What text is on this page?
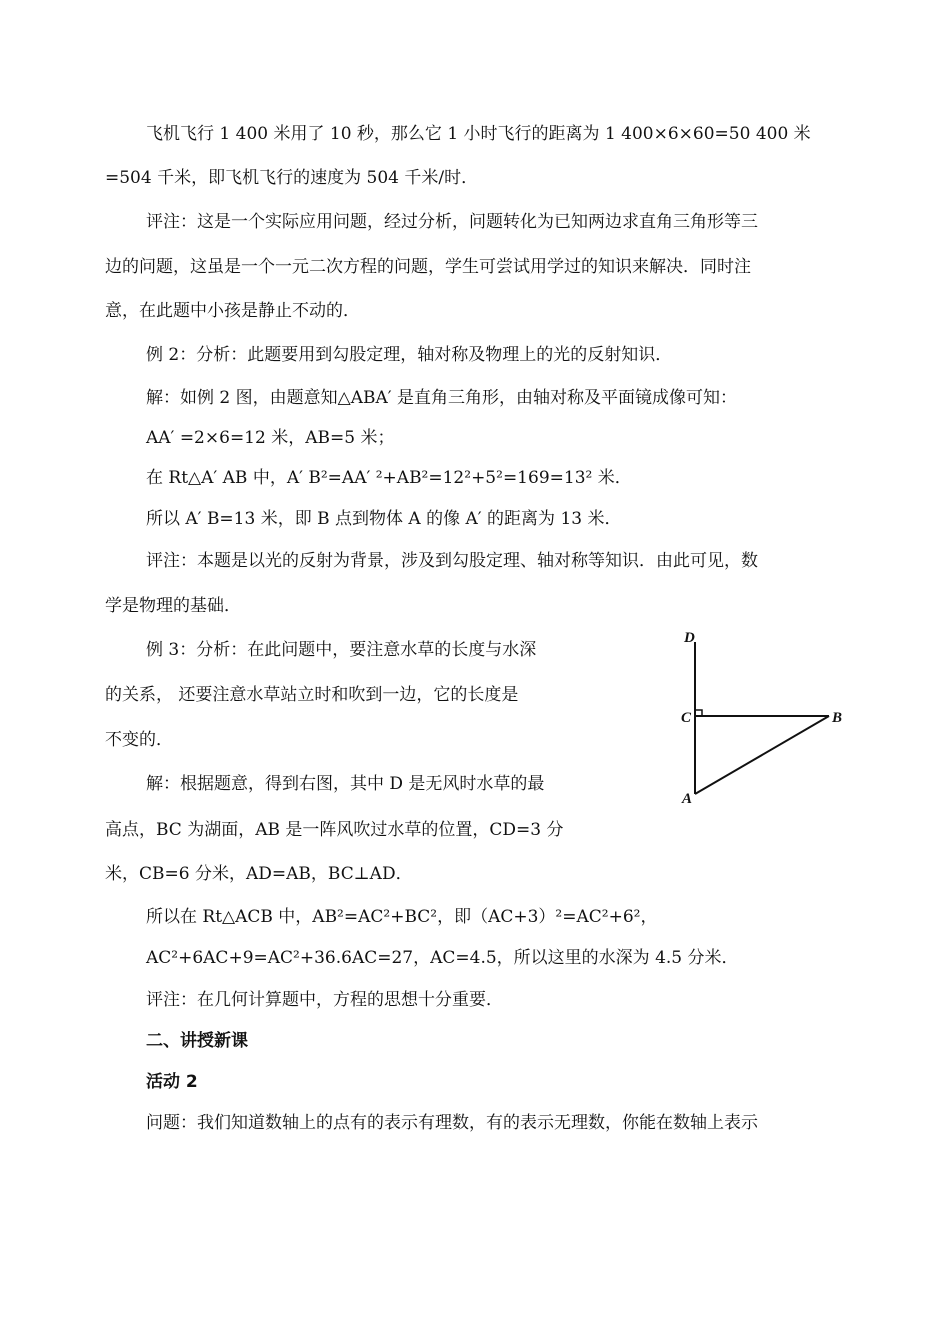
飞机飞行 1 400 米用了 10 秒，那么它 1 小时飞行的距离为 1 400×6×60=50 400 米
=504 千米，即飞机飞行的速度为 504 千米/时．
评注：这是一个实际应用问题，经过分析，问题转化为已知两边求直角三角形等三
边的问题，这虽是一个一元二次方程的问题，学生可尝试用学过的知识来解决．同时注
意，在此题中小孩是静止不动的．
例 2：分析：此题要用到勾股定理，轴对称及物理上的光的反射知识．
解：如例 2 图，由题意知△ABA′ 是直角三角形，由轴对称及平面镜成像可知：
AA′ =2×6=12 米，AB=5 米；
在 Rt△A′ AB 中，A′ B²=AA′ ²+AB²=12²+5²=169=13² 米．
所以 A′ B=13 米，即 B 点到物体 A 的像 A′ 的距离为 13 米．
评注：本题是以光的反射为背景，涉及到勾股定理、轴对称等知识．由此可见，数
学是物理的基础．
例 3：分析：在此问题中，要注意水草的长度与水深
的关系， 还要注意水草站立时和吹到一边，它的长度是
不变的．
解：根据题意，得到右图，其中 D 是无风时水草的最
高点，BC 为湖面，AB 是一阵风吹过水草的位置，CD=3 分
米，CB=6 分米，AD=AB，BC⊥AD．
所以在 Rt△ACB 中，AB²=AC²+BC²，即（AC+3）²=AC²+6²，
AC²+6AC+9=AC²+36.6AC=27，AC=4.5，所以这里的水深为 4.5 分米．
评注：在几何计算题中，方程的思想十分重要．
二、讲授新课
活动 2
问题：我们知道数轴上的点有的表示有理数，有的表示无理数，你能在数轴上表示
D
C	B
A
